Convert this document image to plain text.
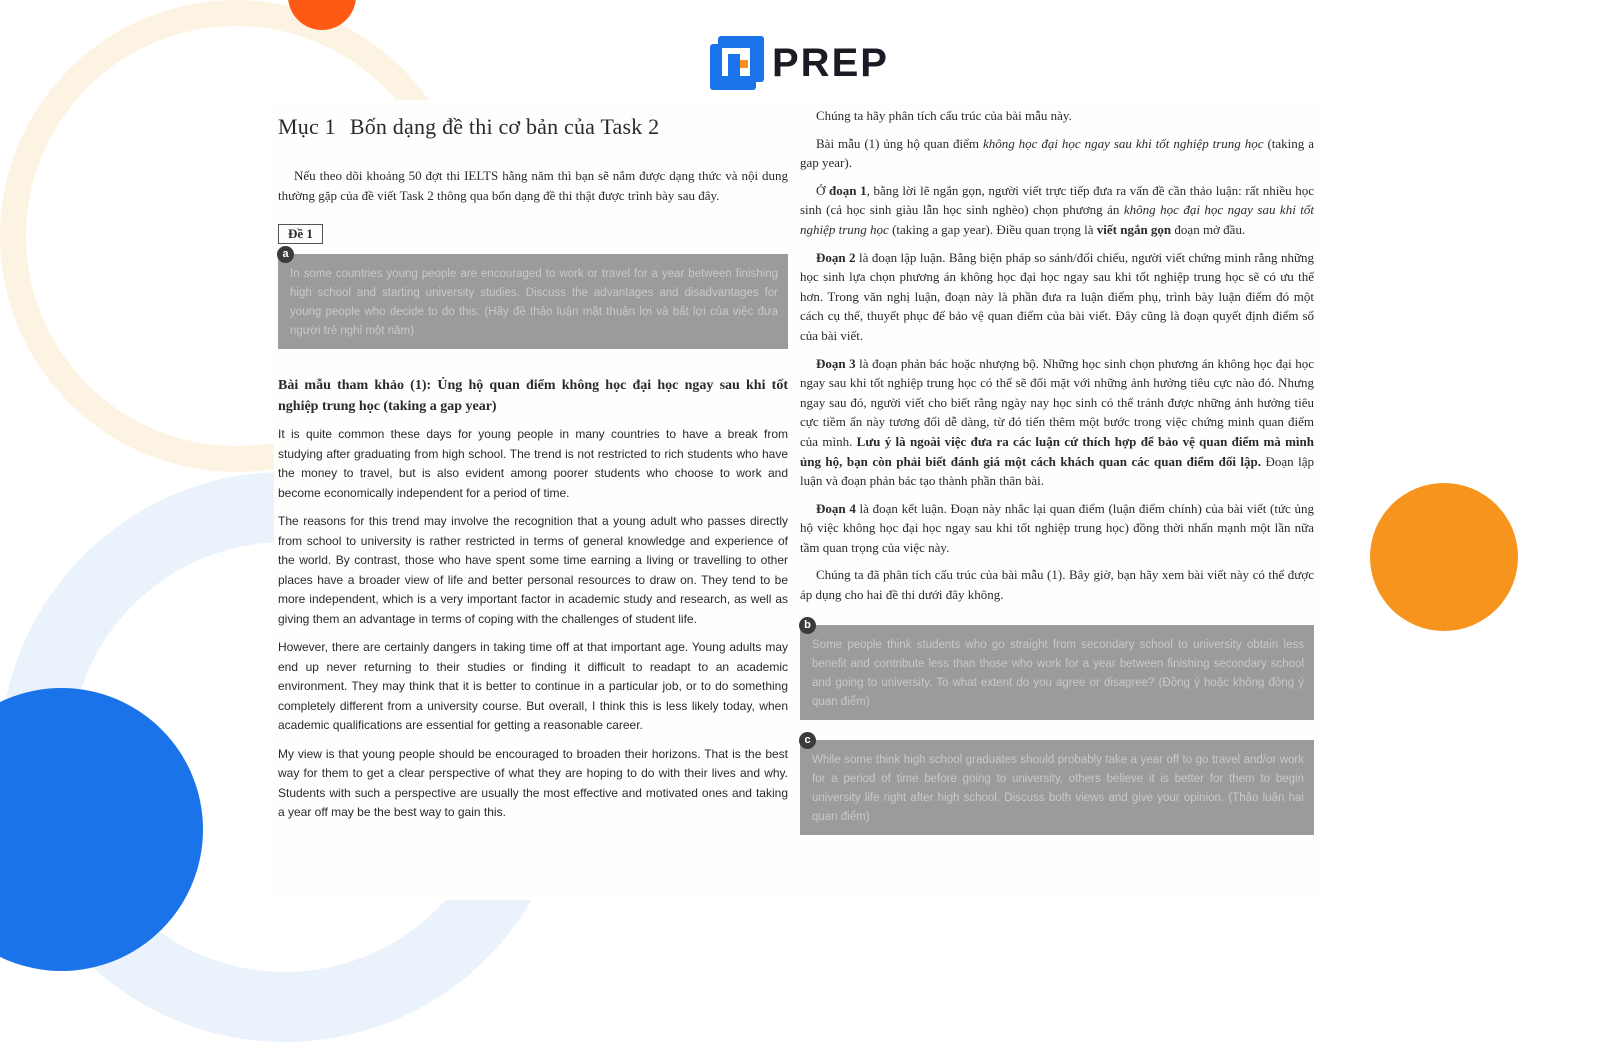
PREP
Mục 1 Bốn dạng đề thi cơ bản của Task 2

Nếu theo dõi khoảng 50 đợt thi IELTS hằng năm thì bạn sẽ nắm được dạng thức và nội dung thường gặp của đề viết Task 2 thông qua bốn dạng đề thi thật được trình bày sau đây.

Đề 1
a
In some countries young people are encouraged to work or travel for a year between finishing high school and starting university studies. Discuss the advantages and disadvantages for young people who decide to do this. (Hãy đề thảo luận mặt thuận lợi và bất lợi của việc đưa người trẻ nghỉ một năm)

Bài mẫu tham khảo (1): Ủng hộ quan điểm không học đại học ngay sau khi tốt nghiệp trung học (taking a gap year)

It is quite common these days for young people in many countries to have a break from studying after graduating from high school. The trend is not restricted to rich students who have the money to travel, but is also evident among poorer students who choose to work and become economically independent for a period of time.

The reasons for this trend may involve the recognition that a young adult who passes directly from school to university is rather restricted in terms of general knowledge and experience of the world. By contrast, those who have spent some time earning a living or travelling to other places have a broader view of life and better personal resources to draw on. They tend to be more independent, which is a very important factor in academic study and research, as well as giving them an advantage in terms of coping with the challenges of student life.

However, there are certainly dangers in taking time off at that important age. Young adults may end up never returning to their studies or finding it difficult to readapt to an academic environment. They may think that it is better to continue in a particular job, or to do something completely different from a university course. But overall, I think this is less likely today, when academic qualifications are essential for getting a reasonable career.

My view is that young people should be encouraged to broaden their horizons. That is the best way for them to get a clear perspective of what they are hoping to do with their lives and why. Students with such a perspective are usually the most effective and motivated ones and taking a year off may be the best way to gain this.

Chúng ta hãy phân tích cấu trúc của bài mẫu này.

Bài mẫu (1) ủng hộ quan điểm không học đại học ngay sau khi tốt nghiệp trung học (taking a gap year).

Ở đoạn 1, bằng lời lẽ ngắn gọn, người viết trực tiếp đưa ra vấn đề cần thảo luận: rất nhiều học sinh (cả học sinh giàu lẫn học sinh nghèo) chọn phương án không học đại học ngay sau khi tốt nghiệp trung học (taking a gap year). Điều quan trọng là viết ngắn gọn đoạn mở đầu.

Đoạn 2 là đoạn lập luận. Bằng biện pháp so sánh/đối chiếu, người viết chứng minh rằng những học sinh lựa chọn phương án không học đại học ngay sau khi tốt nghiệp trung học sẽ có ưu thế hơn. Trong văn nghị luận, đoạn này là phần đưa ra luận điểm phụ, trình bày luận điểm đó một cách cụ thể, thuyết phục để bảo vệ quan điểm của bài viết. Đây cũng là đoạn quyết định điểm số của bài viết.

Đoạn 3 là đoạn phản bác hoặc nhượng bộ. Những học sinh chọn phương án không học đại học ngay sau khi tốt nghiệp trung học có thể sẽ đối mặt với những ảnh hưởng tiêu cực nào đó. Nhưng ngay sau đó, người viết cho biết rằng ngày nay học sinh có thể tránh được những ảnh hưởng tiêu cực tiềm ẩn này tương đối dễ dàng, từ đó tiến thêm một bước trong việc chứng minh quan điểm của mình. Lưu ý là ngoài việc đưa ra các luận cứ thích hợp để bảo vệ quan điểm mà mình ủng hộ, bạn còn phải biết đánh giá một cách khách quan các quan điểm đối lập. Đoạn lập luận và đoạn phản bác tạo thành phần thân bài.

Đoạn 4 là đoạn kết luận. Đoạn này nhắc lại quan điểm (luận điểm chính) của bài viết (tức ủng hộ việc không học đại học ngay sau khi tốt nghiệp trung học) đồng thời nhấn mạnh một lần nữa tầm quan trọng của việc này.

Chúng ta đã phân tích cấu trúc của bài mẫu (1). Bây giờ, bạn hãy xem bài viết này có thể được áp dụng cho hai đề thi dưới đây không.

b
Some people think students who go straight from secondary school to university obtain less benefit and contribute less than those who work for a year between finishing secondary school and going to university. To what extent do you agree or disagree? (Đồng ý hoặc không đồng ý quan điểm)
c
While some think high school graduates should probably take a year off to go travel and/or work for a period of time before going to university, others believe it is better for them to begin university life right after high school. Discuss both views and give your opinion. (Thảo luận hai quan điểm)
